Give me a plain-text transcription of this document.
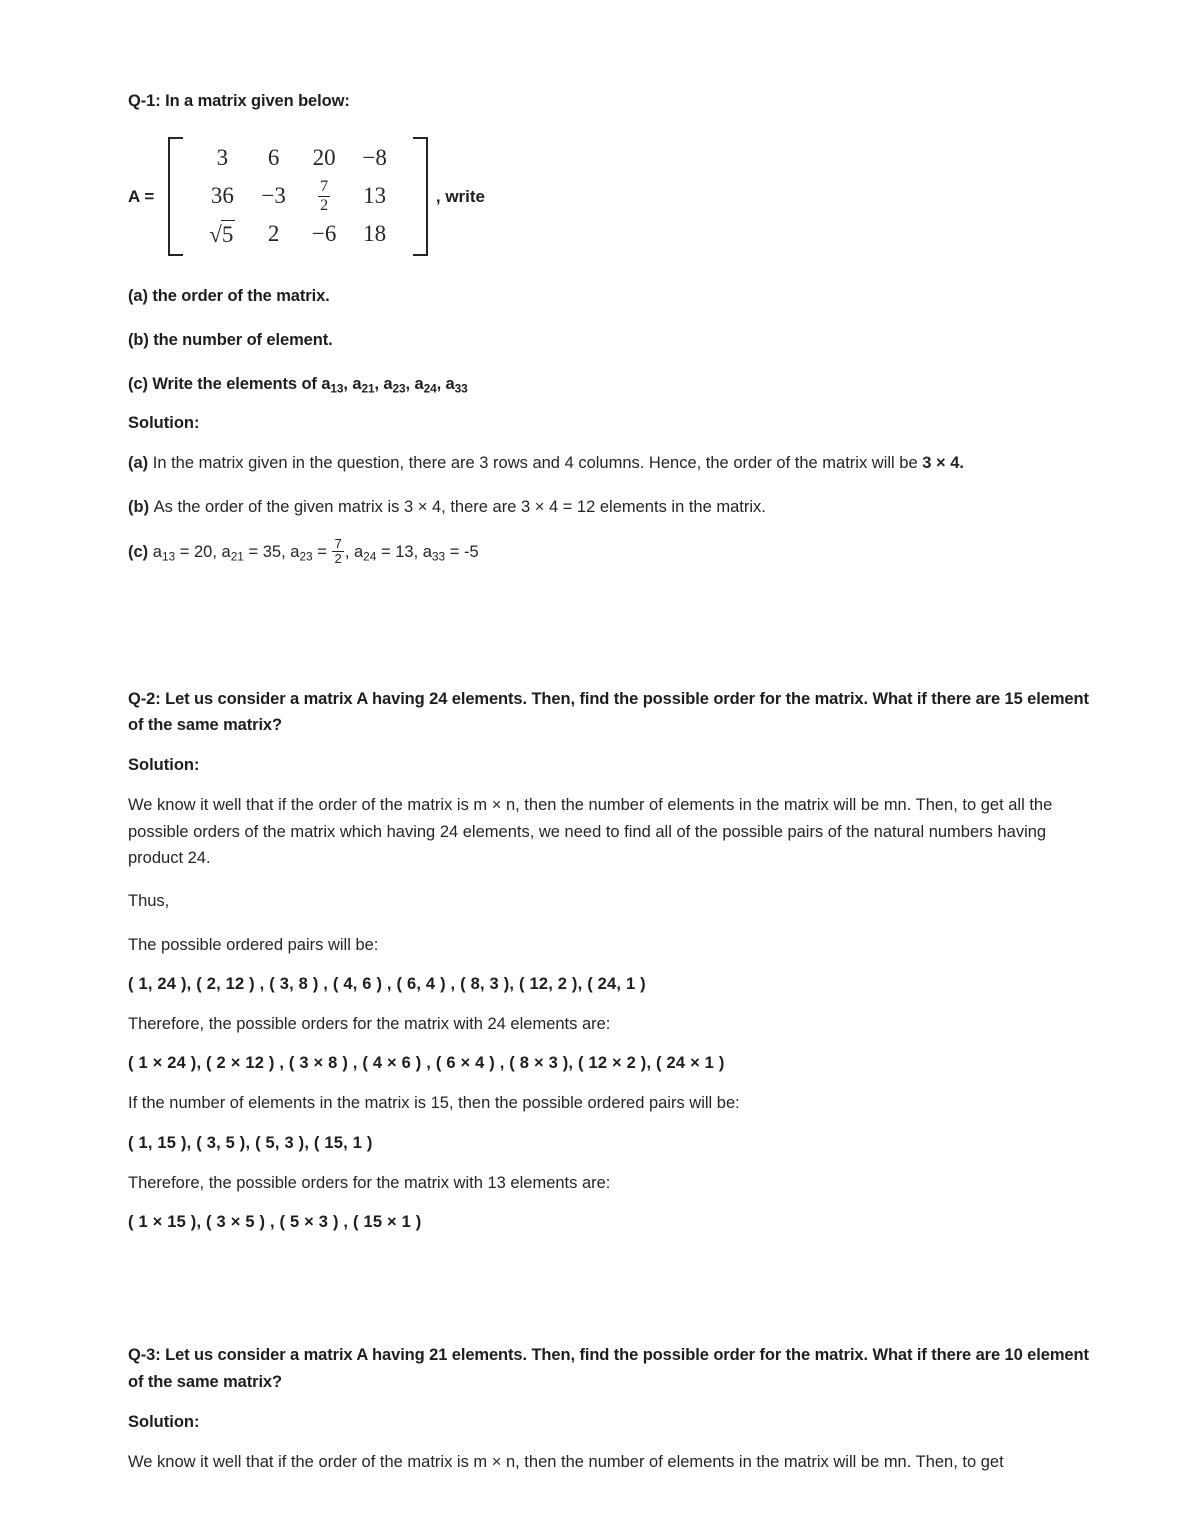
Q-1: In a matrix given below:
A =
3	6	20	−8
36	−3	$\frac{7}{2}$	13
√5	2	−6	18
, write
(a) the order of the matrix.
(b) the number of element.
(c) Write the elements of $a_{13}$, $a_{21}$, $a_{23}$, $a_{24}$, $a_{33}$
Solution:
(a) In the matrix given in the question, there are 3 rows and 4 columns. Hence, the order of the matrix will be 3 × 4.
(b) As the order of the given matrix is 3 × 4, there are 3 × 4 = 12 elements in the matrix.
(c) $a_{13} = 20$, $a_{21} = 35$, $a_{23} = \frac{7}{2}$ , $a_{24} = 13$, $a_{33} = -5$
Q-2: Let us consider a matrix A having 24 elements. Then, find the possible order for the matrix. What if there are 15 element of the same matrix?
Solution:
We know it well that if the order of the matrix is m × n, then the number of elements in the matrix will be mn. Then, to get all the possible orders of the matrix which having 24 elements, we need to find all of the possible pairs of the natural numbers having product 24.
Thus,
The possible ordered pairs will be:
( 1, 24 ), ( 2, 12 ) , ( 3, 8 ) , ( 4, 6 ) , ( 6, 4 ) , ( 8, 3 ), ( 12, 2 ), ( 24, 1 )
Therefore, the possible orders for the matrix with 24 elements are:
( 1 × 24 ), ( 2 × 12 ) , ( 3 × 8 ) , ( 4 × 6 ) , ( 6 × 4 ) , ( 8 × 3 ), ( 12 × 2 ), ( 24 × 1 )
If the number of elements in the matrix is 15, then the possible ordered pairs will be:
( 1, 15 ), ( 3, 5 ), ( 5, 3 ), ( 15, 1 )
Therefore, the possible orders for the matrix with 13 elements are:
( 1 × 15 ), ( 3 × 5 ) , ( 5 × 3 ) , ( 15 × 1 )
Q-3: Let us consider a matrix A having 21 elements. Then, find the possible order for the matrix. What if there are 10 element of the same matrix?
Solution:
We know it well that if the order of the matrix is m × n, then the number of elements in the matrix will be mn. Then, to get
